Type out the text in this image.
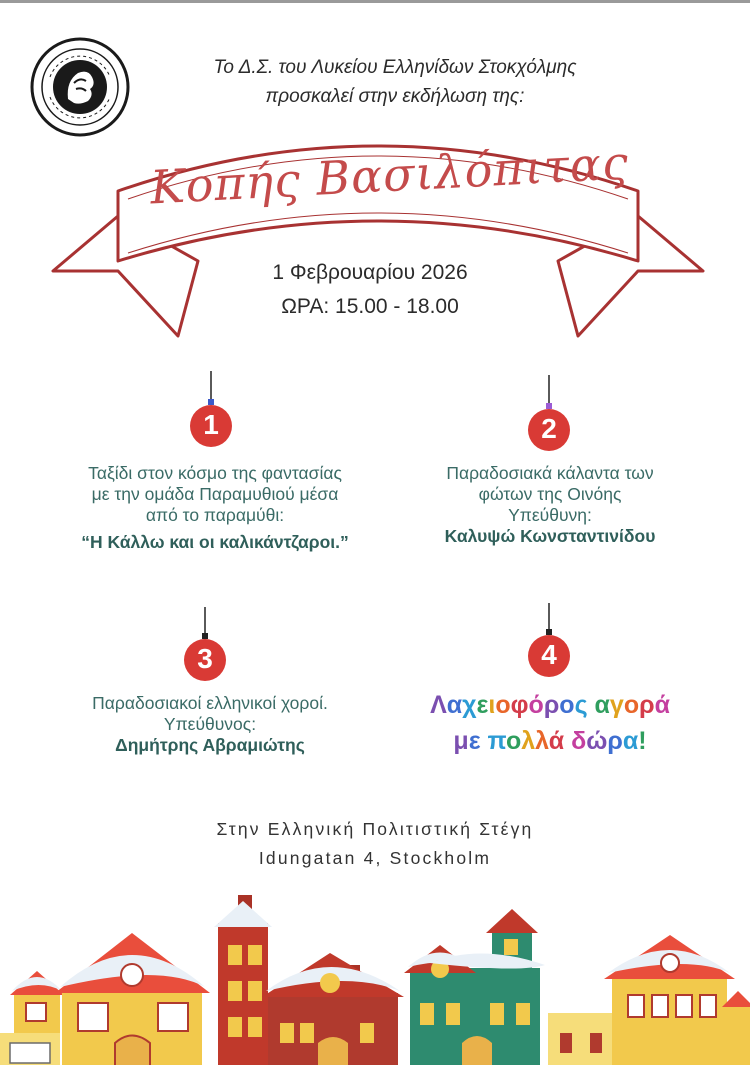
Το Δ.Σ. του Λυκείου Ελληνίδων Στοκχόλμης
προσκαλεί στην εκδήλωση της:
Κοπής Βασιλόπιτας
1 Φεβρουαρίου 2026
ΩΡΑ: 15.00 - 18.00
1	2
Ταξίδι στον κόσμο της φαντασίας
με την ομάδα Παραμυθιού μέσα
από το παραμύθι:
“Η Κάλλω και οι καλικάντζαροι.”
Παραδοσιακά κάλαντα των
φώτων της Οινόης
Υπεύθυνη:
Καλυψώ Κωνσταντινίδου
3	4
Παραδοσιακοί ελληνικοί χοροί.
Υπεύθυνος:
Δημήτρης Αβραμιώτης
Λαχειοφόρος αγορά
με πολλά δώρα!
Στην Ελληνική Πολιτιστική Στέγη
Idungatan 4, Stockholm
